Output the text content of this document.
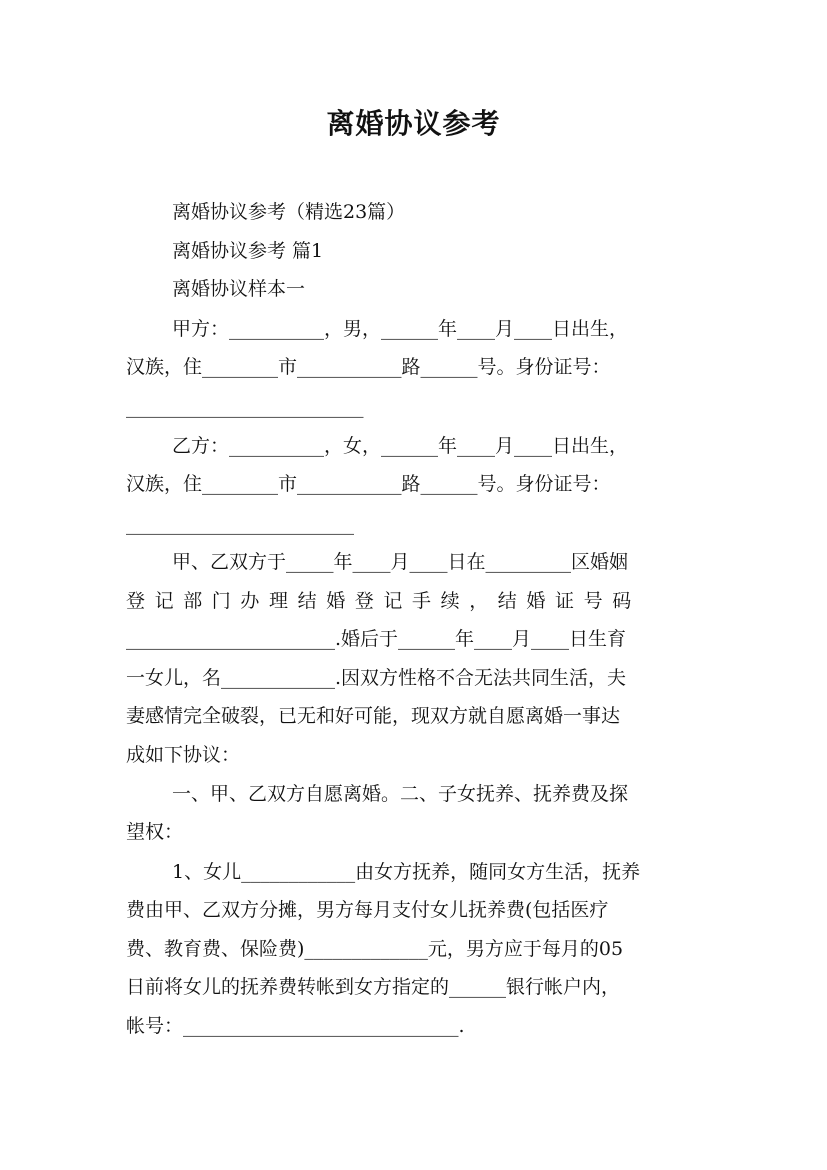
离婚协议参考
离婚协议参考（精选23篇）
离婚协议参考 篇1
离婚协议样本一
甲方：__________，男，______年____月____日出生，
汉族，住________市___________路______号。身份证号：
_________________________
乙方：__________，女，______年____月____日出生，
汉族，住________市___________路______号。身份证号：
________________________
甲、乙双方于_____年____月____日在_________区婚姻
登记部门办理结婚登记手续，结婚证号码
______________________.婚后于______年____月____日生育
一女儿，名____________.因双方性格不合无法共同生活，夫
妻感情完全破裂，已无和好可能，现双方就自愿离婚一事达
成如下协议：
一、甲、乙双方自愿离婚。二、子女抚养、抚养费及探
望权：
1、女儿____________由女方抚养，随同女方生活，抚养
费由甲、乙双方分摊，男方每月支付女儿抚养费(包括医疗
费、教育费、保险费)_____________元，男方应于每月的05
日前将女儿的抚养费转帐到女方指定的______银行帐户内，
帐号：_____________________________.
